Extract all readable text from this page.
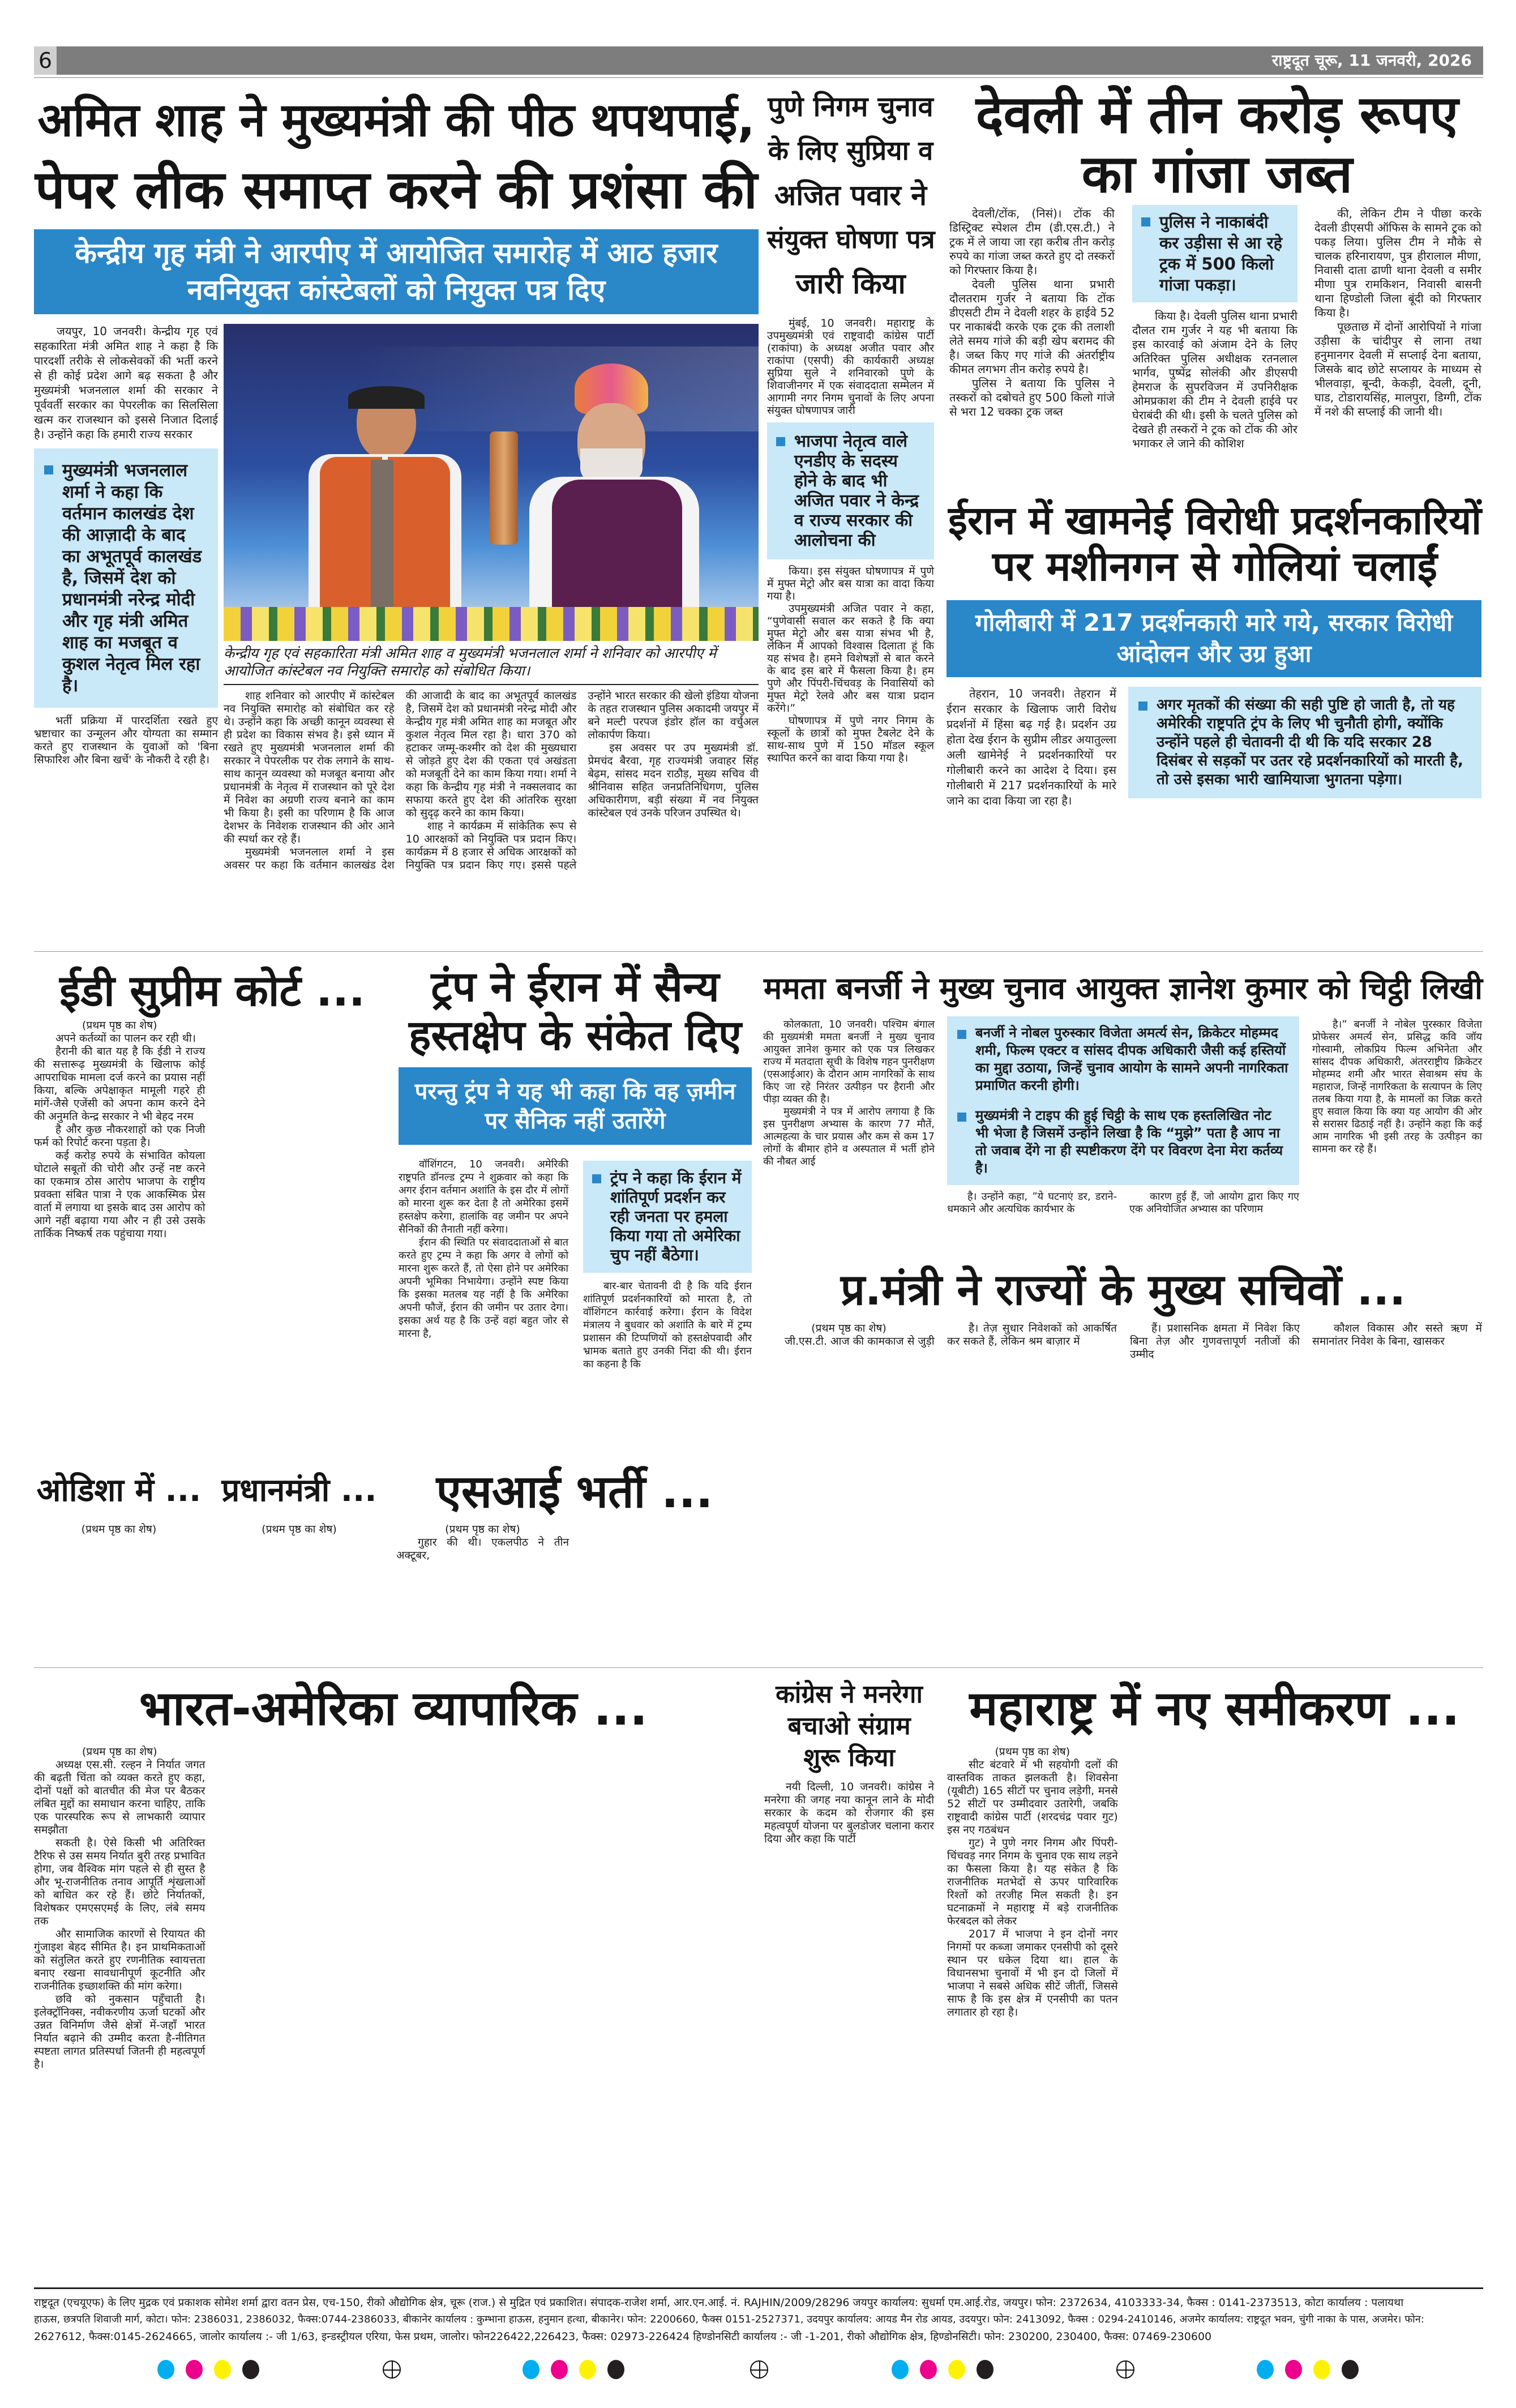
6	राष्ट्रदूत चूरू, 11 जनवरी, 2026
अमित शाह ने मुख्यमंत्री की पीठ थपथपाई,
पेपर लीक समाप्त करने की प्रशंसा की
केन्द्रीय गृह मंत्री ने आरपीए में आयोजित समारोह में आठ हजार नवनियुक्त कांस्टेबलों को नियुक्त पत्र दिए

जयपुर, 10 जनवरी। केन्द्रीय गृह एवं सहकारिता मंत्री अमित शाह ने कहा है कि पारदर्शी तरीके से लोकसेवकों की भर्ती करने से ही कोई प्रदेश आगे बढ़ सकता है और मुख्यमंत्री भजनलाल शर्मा की सरकार ने पूर्ववर्ती सरकार का पेपरलीक का सिलसिला खत्म कर राजस्थान को इससे निजात दिलाई है। उन्होंने कहा कि हमारी राज्य सरकार

मुख्यमंत्री भजनलाल शर्मा ने कहा कि वर्तमान कालखंड देश की आज़ादी के बाद का अभूतपूर्व कालखंड है, जिसमें देश को प्रधानमंत्री नरेन्द्र मोदी और गृह मंत्री अमित शाह का मजबूत व कुशल नेतृत्व मिल रहा है।

भर्ती प्रक्रिया में पारदर्शिता रखते हुए भ्रष्टाचार का उन्मूलन और योग्यता का सम्मान करते हुए राजस्थान के युवाओं को 'बिना सिफारिश और बिना खर्चे' के नौकरी दे रही है।

केन्द्रीय गृह एवं सहकारिता मंत्री अमित शाह व मुख्यमंत्री भजनलाल शर्मा ने शनिवार को आरपीए में आयोजित कांस्टेबल नव नियुक्ति समारोह को संबोधित किया।

शाह शनिवार को आरपीए में कांस्टेबल नव नियुक्ति समारोह को संबोधित कर रहे थे। उन्होंने कहा कि अच्छी कानून व्यवस्था से ही प्रदेश का विकास संभव है। इसे ध्यान में रखते हुए मुख्यमंत्री भजनलाल शर्मा की सरकार ने पेपरलीक पर रोक लगाने के साथ-साथ कानून व्यवस्था को मजबूत बनाया और प्रधानमंत्री के नेतृत्व में राजस्थान को पूरे देश में निवेश का अग्रणी राज्य बनाने का काम भी किया है। इसी का परिणाम है कि आज देशभर के निवेशक राजस्थान की ओर आने की स्पर्धा कर रहे हैं।

मुख्यमंत्री भजनलाल शर्मा ने इस अवसर पर कहा कि वर्तमान कालखंड देश की आजादी के बाद का अभूतपूर्व कालखंड है, जिसमें देश को प्रधानमंत्री नरेन्द्र मोदी और केन्द्रीय गृह मंत्री अमित शाह का मजबूत और कुशल नेतृत्व मिल रहा है। धारा 370 को हटाकर जम्मू-कश्मीर को देश की मुख्यधारा से जोड़ते हुए देश की एकता एवं अखंडता को मजबूती देने का काम किया गया। शर्मा ने कहा कि केन्द्रीय गृह मंत्री ने नक्सलवाद का सफाया करते हुए देश की आंतरिक सुरक्षा को सुदृढ़ करने का काम किया।

शाह ने कार्यक्रम में सांकेतिक रूप से 10 आरक्षकों को नियुक्ति पत्र प्रदान किए। कार्यक्रम में 8 हजार से अधिक आरक्षकों को नियुक्ति पत्र प्रदान किए गए। इससे पहले उन्होंने भारत सरकार की खेलो इंडिया योजना के तहत राजस्थान पुलिस अकादमी जयपुर में बने मल्टी परपज इंडोर हॉल का वर्चुअल लोकार्पण किया।

इस अवसर पर उप मुख्यमंत्री डॉ. प्रेमचंद बैरवा, गृह राज्यमंत्री जवाहर सिंह बेढ़म, सांसद मदन राठौड़, मुख्य सचिव वी श्रीनिवास सहित जनप्रतिनिधिगण, पुलिस अधिकारीगण, बड़ी संख्या में नव नियुक्त कांस्टेबल एवं उनके परिजन उपस्थित थे।

पुणे निगम चुनाव
के लिए सुप्रिया व
अजित पवार ने
संयुक्त घोषणा पत्र
जारी किया

मुंबई, 10 जनवरी। महाराष्ट्र के उपमुख्यमंत्री एवं राष्ट्रवादी कांग्रेस पार्टी (राकांपा) के अध्यक्ष अजीत पवार और राकांपा (एसपी) की कार्यकारी अध्यक्ष सुप्रिया सुले ने शनिवारको पुणे के शिवाजीनगर में एक संवाददाता सम्मेलन में आगामी नगर निगम चुनावों के लिए अपना संयुक्त घोषणापत्र जारी

भाजपा नेतृत्व वाले एनडीए के सदस्य होने के बाद भी अजित पवार ने केन्द्र व राज्य सरकार की आलोचना की

किया। इस संयुक्त घोषणापत्र में पुणे में मुफ्त मेट्रो और बस यात्रा का वादा किया गया है।

उपमुख्यमंत्री अजित पवार ने कहा, “पुणेवासी सवाल कर सकते है कि क्या मुफ्त मेट्रो और बस यात्रा संभव भी है, लेकिन मैं आपको विश्वास दिलाता हूं कि यह संभव है। हमने विशेषज्ञों से बात करने के बाद इस बारे में फैसला किया है। हम पुणे और पिंपरी-चिंचवड़ के निवासियों को मुफ्त मेट्रो रेलवे और बस यात्रा प्रदान करेंगे।”

घोषणापत्र में पुणे नगर निगम के स्कूलों के छात्रों को मुफ्त टैबलेट देने के साथ-साथ पुणे में 150 मॉडल स्कूल स्थापित करने का वादा किया गया है।

देवली में तीन करोड़ रूपए
का गांजा जब्त

देवली/टोंक, (निसं)। टोंक की डिस्ट्रिक्ट स्पेशल टीम (डी.एस.टी.) ने ट्रक में ले जाया जा रहा करीब तीन करोड़ रुपये का गांजा जब्त करते हुए दो तस्करों को गिरफ्तार किया है।

देवली पुलिस थाना प्रभारी दौलतराम गुर्जर ने बताया कि टोंक डीएसटी टीम ने देवली शहर के हाईवे 52 पर नाकाबंदी करके एक ट्रक की तलाशी लेते समय गांजे की बड़ी खेप बरामद की है। जब्त किए गए गांजे की अंतर्राष्ट्रीय कीमत लगभग तीन करोड़ रुपये है।

पुलिस ने बताया कि पुलिस ने तस्करों को दबोचते हुए 500 किलो गांजे से भरा 12 चक्का ट्रक जब्त

पुलिस ने नाकाबंदी कर उड़ीसा से आ रहे ट्रक में 500 किलो गांजा पकड़ा।

किया है। देवली पुलिस थाना प्रभारी दौलत राम गुर्जर ने यह भी बताया कि इस कारवाई को अंजाम देने के लिए अतिरिक्त पुलिस अधीक्षक रतनलाल भार्गव, पुष्पेंद्र सोलंकी और डीएसपी हेमराज के सुपरविजन में उपनिरीक्षक ओमप्रकाश की टीम ने देवली हाईवे पर घेराबंदी की थी। इसी के चलते पुलिस को देखते ही तस्करों ने ट्रक को टोंक की ओर भगाकर ले जाने की कोशिश

की, लेकिन टीम ने पीछा करके देवली डीएसपी ऑफिस के सामने ट्रक को पकड़ लिया। पुलिस टीम ने मौके से चालक हरिनारायण, पुत्र हीरालाल मीणा, निवासी दाता ढाणी थाना देवली व समीर मीणा पुत्र रामकिशन, निवासी बासनी थाना हिण्डोली जिला बूंदी को गिरफ्तार किया है।

पूछताछ में दोनों आरोपियों ने गांजा उड़ीसा के चांदीपुर से लाना तथा हनुमानगर देवली में सप्लाई देना बताया, जिसके बाद छोटे सप्लायर के माध्यम से भीलवाड़ा, बून्दी, केकड़ी, देवली, दूनी, घाड, टोडारायसिंह, मालपुरा, डिग्गी, टोंक में नशे की सप्लाई की जानी थी।

ईरान में खामनेई विरोधी प्रदर्शनकारियों
पर मशीनगन से गोलियां चलाईं
गोलीबारी में 217 प्रदर्शनकारी मारे गये, सरकार विरोधी आंदोलन और उग्र हुआ

तेहरान, 10 जनवरी। तेहरान में ईरान सरकार के खिलाफ जारी विरोध प्रदर्शनों में हिंसा बढ़ गई है। प्रदर्शन उग्र होता देख ईरान के सुप्रीम लीडर अयातुल्ला अली खामेनेई ने प्रदर्शनकारियों पर गोलीबारी करने का आदेश दे दिया। इस गोलीबारी में 217 प्रदर्शनकारियों के मारे जाने का दावा किया जा रहा है।

अगर मृतकों की संख्या की सही पुष्टि हो जाती है, तो यह अमेरिकी राष्ट्रपति ट्रंप के लिए भी चुनौती होगी, क्योंकि उन्होंने पहले ही चेतावनी दी थी कि यदि सरकार 28 दिसंबर से सड़कों पर उतर रहे प्रदर्शनकारियों को मारती है, तो उसे इसका भारी खामियाजा भुगतना पड़ेगा।
ईडी सुप्रीम कोर्ट ...

(प्रथम पृष्ठ का शेष)

अपने कर्तव्यों का पालन कर रही थी।

हैरानी की बात यह है कि ईडी ने राज्य की सत्तारूढ़ मुख्यमंत्री के खिलाफ कोई आपराधिक मामला दर्ज करने का प्रयास नहीं किया, बल्कि अपेक्षाकृत मामूली गहरे ही मांगें-जैसे एजेंसी को अपना काम करने देने की अनुमति केन्द्र सरकार ने भी बेहद नरम

है और कुछ नौकरशाहों को एक निजी फर्म को रिपोर्ट करना पड़ता है।

कई करोड़ रुपये के संभावित कोयला घोटाले सबूतों की चोरी और उन्हें नष्ट करने का एकमात्र ठोस आरोप भाजपा के राष्ट्रीय प्रवक्ता संबित पात्रा ने एक आकस्मिक प्रेस वार्ता में लगाया था इसके बाद उस आरोप को आगे नहीं बढ़ाया गया और न ही उसे उसके तार्किक निष्कर्ष तक पहुंचाया गया।

ट्रंप ने ईरान में सैन्य
हस्तक्षेप के संकेत दिए
परन्तु ट्रंप ने यह भी कहा कि वह ज़मीन पर सैनिक नहीं उतारेंगे

वॉशिंगटन, 10 जनवरी। अमेरिकी राष्ट्रपति डॉनल्ड ट्रम्प ने शुक्रवार को कहा कि अगर ईरान वर्तमान अशांति के इस दौर में लोगों को मारना शुरू कर देता है तो अमेरिका इसमें हस्तक्षेप करेगा, हालांकि वह जमीन पर अपने सैनिकों की तैनाती नहीं करेगा।

ईरान की स्थिति पर संवाददाताओं से बात करते हुए ट्रम्प ने कहा कि अगर वे लोगों को मारना शुरू करते हैं, तो ऐसा होने पर अमेरिका अपनी भूमिका निभायेगा। उन्होंने स्पष्ट किया कि इसका मतलब यह नहीं है कि अमेरिका अपनी फौजें, ईरान की जमीन पर उतार देगा। इसका अर्थ यह है कि उन्हें वहां बहुत जोर से मारना है,

ट्रंप ने कहा कि ईरान में शांतिपूर्ण प्रदर्शन कर रही जनता पर हमला किया गया तो अमेरिका चुप नहीं बैठेगा।

बार-बार चेतावनी दी है कि यदि ईरान शांतिपूर्ण प्रदर्शनकारियों को मारता है, तो वॉशिंगटन कार्रवाई करेगा। ईरान के विदेश मंत्रालय ने बुधवार को अशांति के बारे में ट्रम्प प्रशासन की टिप्पणियों को हस्तक्षेपवादी और भ्रामक बताते हुए उनकी निंदा की थी। ईरान का कहना है कि

ममता बनर्जी ने मुख्य चुनाव आयुक्त ज्ञानेश कुमार को चिट्ठी लिखी

कोलकाता, 10 जनवरी। पश्चिम बंगाल की मुख्यमंत्री ममता बनर्जी ने मुख्य चुनाव आयुक्त ज्ञानेश कुमार को एक पत्र लिखकर राज्य में मतदाता सूची के विशेष गहन पुनरीक्षण (एसआईआर) के दौरान आम नागरिकों के साथ किए जा रहे निरंतर उत्पीड़न पर हैरानी और पीड़ा व्यक्त की है।

मुख्यमंत्री ने पत्र में आरोप लगाया है कि इस पुनरीक्षण अभ्यास के कारण 77 मौतें, आत्महत्या के चार प्रयास और कम से कम 17 लोगों के बीमार होने व अस्पताल में भर्ती होने की नौबत आई

बनर्जी ने नोबल पुरुस्कार विजेता अमर्त्य सेन, क्रिकेटर मोहम्मद शमी, फिल्म एक्टर व सांसद दीपक अधिकारी जैसी कई हस्तियों का मुद्दा उठाया, जिन्हें चुनाव आयोग के सामने अपनी नागरिकता प्रमाणित करनी होगी।
मुख्यमंत्री ने टाइप की हुई चिट्ठी के साथ एक हस्तलिखित नोट भी भेजा है जिसमें उन्होंने लिखा है कि “मुझे” पता है आप ना तो जवाब देंगे ना ही स्पष्टीकरण देंगे पर विवरण देना मेरा कर्तव्य है।

है। उन्होंने कहा, ”ये घटनाएं डर, डराने-धमकाने और अत्यधिक कार्यभार के

कारण हुई हैं, जो आयोग द्वारा किए गए एक अनियोजित अभ्यास का परिणाम

है।” बनर्जी ने नोबेल पुरस्कार विजेता प्रोफेसर अमर्त्य सेन, प्रसिद्ध कवि जॉय गोस्वामी, लोकप्रिय फिल्म अभिनेता और सांसद दीपक अधिकारी, अंतरराष्ट्रीय क्रिकेटर मोहम्मद शमी और भारत सेवाश्रम संघ के महाराज, जिन्हें नागरिकता के सत्यापन के लिए तलब किया गया है, के मामलों का जिक्र करते हुए सवाल किया कि क्या यह आयोग की ओर से सरासर ढिठाई नहीं है। उन्होंने कहा कि कई आम नागरिक भी इसी तरह के उत्पीड़न का सामना कर रहे हैं।

प्र.मंत्री ने राज्यों के मुख्य सचिवों ...

(प्रथम पृष्ठ का शेष)

जी.एस.टी. आज की कामकाज से जुड़ी

है। तेज़ सुधार निवेशकों को आकर्षित कर सकते हैं, लेकिन श्रम बाज़ार में

हैं। प्रशासनिक क्षमता में निवेश किए बिना तेज़ और गुणवत्तापूर्ण नतीजों की उम्मीद

कौशल विकास और सस्ते ऋण में समानांतर निवेश के बिना, खासकर

ओडिशा में ...

(प्रथम पृष्ठ का शेष)

प्रधानमंत्री ...

(प्रथम पृष्ठ का शेष)

एसआई भर्ती ...

(प्रथम पृष्ठ का शेष)

गुहार की थी। एकलपीठ ने तीन अक्टूबर,

भारत-अमेरिका व्यापारिक ...

(प्रथम पृष्ठ का शेष)

अध्यक्ष एस.सी. रल्हन ने निर्यात जगत की बढ़ती चिंता को व्यक्त करते हुए कहा, दोनों पक्षों को बातचीत की मेज पर बैठकर लंबित मुद्दों का समाधान करना चाहिए, ताकि एक पारस्परिक रूप से लाभकारी व्यापार समझौता

सकती है। ऐसे किसी भी अतिरिक्त टैरिफ से उस समय निर्यात बुरी तरह प्रभावित होगा, जब वैश्विक मांग पहले से ही सुस्त है और भू-राजनीतिक तनाव आपूर्ति शृंखलाओं को बाधित कर रहे हैं। छोटे निर्यातकों, विशेषकर एमएसएमई के लिए, लंबे समय तक

और सामाजिक कारणों से रियायत की गुंजाइश बेहद सीमित है। इन प्राथमिकताओं को संतुलित करते हुए रणनीतिक स्वायत्तता बनाए रखना सावधानीपूर्ण कूटनीति और राजनीतिक इच्छाशक्ति की मांग करेगा।

छवि को नुकसान पहुँचाती है। इलेक्ट्रॉनिक्स, नवीकरणीय ऊर्जा घटकों और उन्नत विनिर्माण जैसे क्षेत्रों में-जहाँ भारत निर्यात बढ़ाने की उम्मीद करता है-नीतिगत स्पष्टता लागत प्रतिस्पर्धा जितनी ही महत्वपूर्ण है।

कांग्रेस ने मनरेगा
बचाओ संग्राम
शुरू किया

नयी दिल्ली, 10 जनवरी। कांग्रेस ने मनरेगा की जगह नया कानून लाने के मोदी सरकार के कदम को रोजगार की इस महत्वपूर्ण योजना पर बुलडोजर चलाना करार दिया और कहा कि पार्टी

महाराष्ट्र में नए समीकरण ...

(प्रथम पृष्ठ का शेष)

सीट बंटवारे में भी सहयोगी दलों की वास्तविक ताकत झलकती है। शिवसेना (यूबीटी) 165 सीटों पर चुनाव लड़ेगी, मनसे 52 सीटों पर उम्मीदवार उतारेगी, जबकि राष्ट्रवादी कांग्रेस पार्टी (शरदचंद्र पवार गुट) इस नए गठबंधन

गुट) ने पुणे नगर निगम और पिंपरी-चिंचवड़ नगर निगम के चुनाव एक साथ लड़ने का फैसला किया है। यह संकेत है कि राजनीतिक मतभेदों से ऊपर पारिवारिक रिश्तों को तरजीह मिल सकती है। इन घटनाक्रमों ने महाराष्ट्र में बड़े राजनीतिक फेरबदल को लेकर

2017 में भाजपा ने इन दोनों नगर निगमों पर कब्जा जमाकर एनसीपी को दूसरे स्थान पर धकेल दिया था। हाल के विधानसभा चुनावों में भी इन दो जिलों में भाजपा ने सबसे अधिक सीटें जीतीं, जिससे साफ है कि इस क्षेत्र में एनसीपी का पतन लगातार हो रहा है।

राष्ट्रदूत (एचयूएफ) के लिए मुद्रक एवं प्रकाशक सोमेश शर्मा द्वारा वतन प्रेस, एच-150, रीको औद्योगिक क्षेत्र, चूरू (राज.) से मुद्रित एवं प्रकाशित। संपादक-राजेश शर्मा, आर.एन.आई. नं. RAJHIN/2009/28296 जयपुर कार्यालय: सुधर्मा एम.आई.रोड, जयपुर। फोन: 2372634, 4103333-34, फैक्स : 0141-2373513, कोटा कार्यालय : पलायथा
हाऊस, छत्रपति शिवाजी मार्ग, कोटा। फोन: 2386031, 2386032, फैक्स:0744-2386033, बीकानेर कार्यालय : कुम्भाना हाऊस, हनुमान हत्था, बीकानेर। फोन: 2200660, फैक्स 0151-2527371, उदयपुर कार्यालय: आयड मैन रोड आयड, उदयपुर। फोन: 2413092, फैक्स : 0294-2410146, अजमेर कार्यालय: राष्ट्रदूत भवन, चुंगी नाका के पास, अजमेर। फोन:
2627612, फैक्स:0145-2624665, जालोर कार्यालय :- जी 1/63, इन्डस्ट्रीयल एरिया, फेस प्रथम, जालोर। फोन226422,226423, फैक्स: 02973-226424 हिण्डोनसिटी कार्यालय :- जी -1-201, रीको औद्योगिक क्षेत्र, हिण्डोनसिटी। फोन: 230200, 230400, फैक्स: 07469-230600
